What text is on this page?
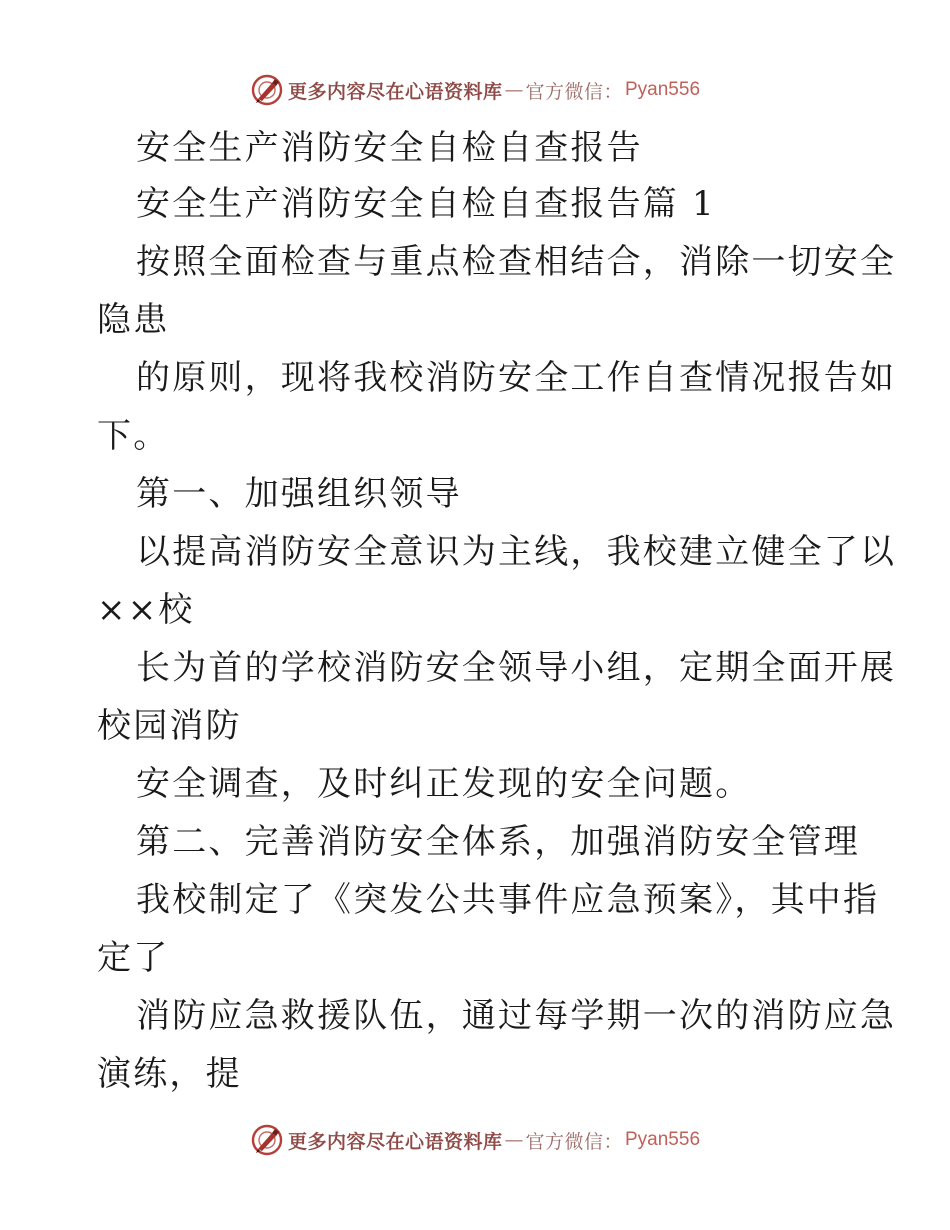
更多内容尽在心语资料库 — 官方微信： Pyan556
安全生产消防安全自检自查报告
安全生产消防安全自检自查报告篇 1
按照全面检查与重点检查相结合，消除一切安全
隐患
的原则，现将我校消防安全工作自查情况报告如
下。
第一、加强组织领导
以提高消防安全意识为主线，我校建立健全了以
××校
长为首的学校消防安全领导小组，定期全面开展
校园消防
安全调查，及时纠正发现的安全问题。
第二、完善消防安全体系，加强消防安全管理
我校制定了《突发公共事件应急预案》，其中指
定了
消防应急救援队伍，通过每学期一次的消防应急
演练，提
更多内容尽在心语资料库 — 官方微信： Pyan556
